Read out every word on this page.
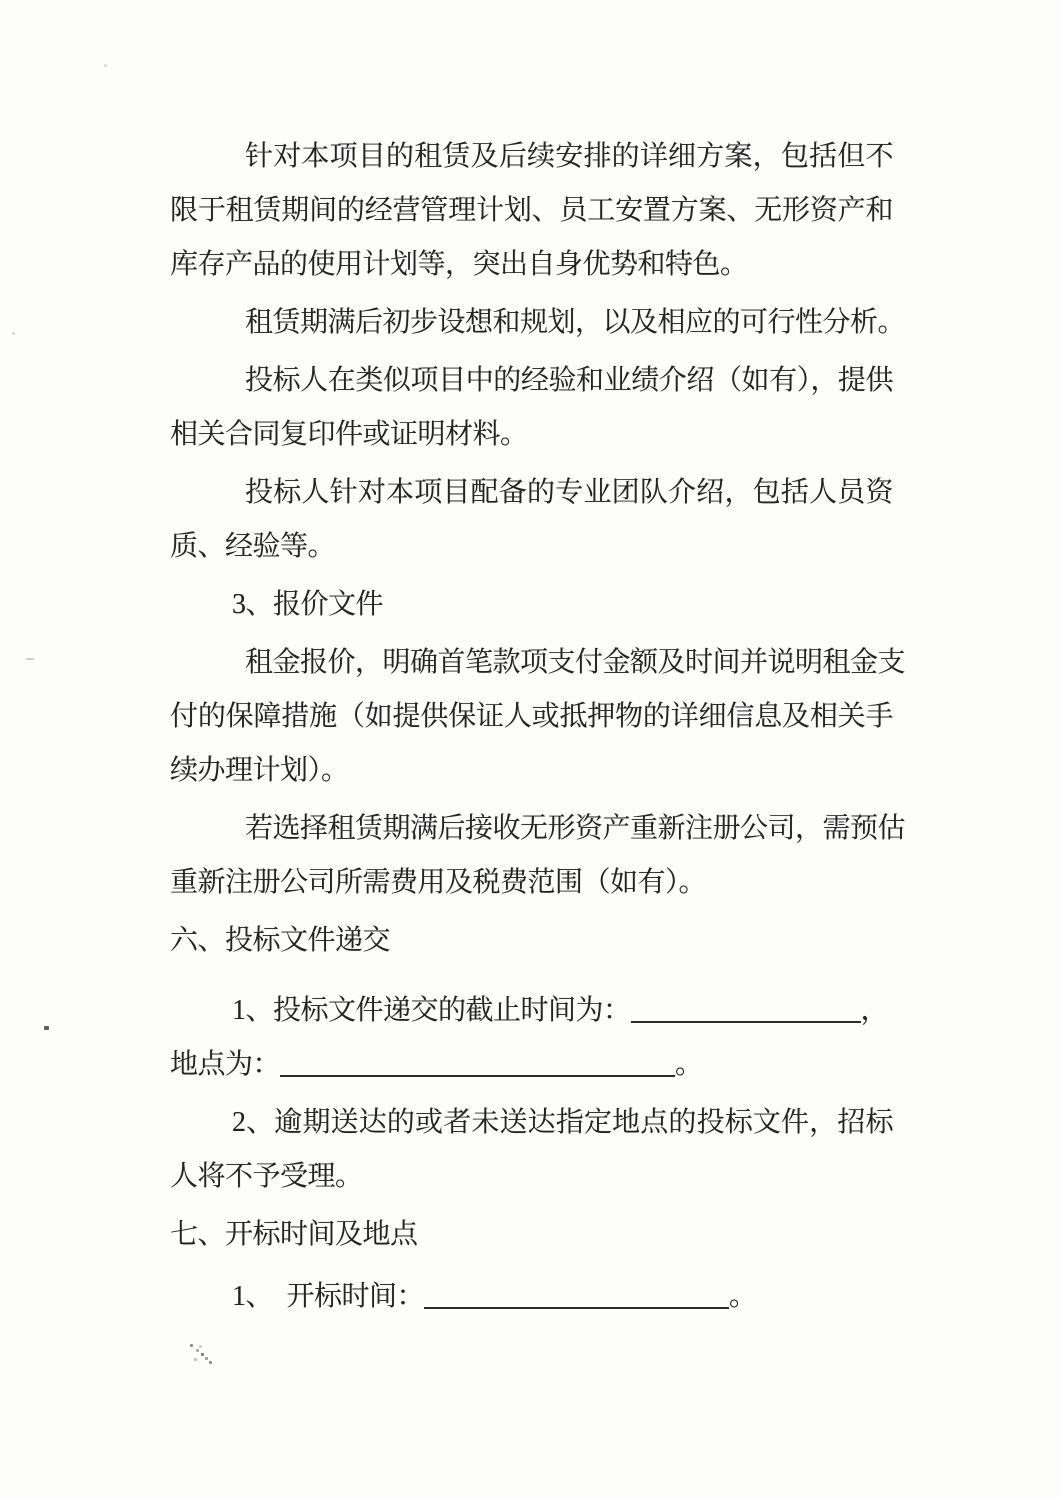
针对本项目的租赁及后续安排的详细方案，包括但不
限于租赁期间的经营管理计划、员工安置方案、无形资产和
库存产品的使用计划等，突出自身优势和特色。
租赁期满后初步设想和规划，以及相应的可行性分析。
投标人在类似项目中的经验和业绩介绍（如有），提供
相关合同复印件或证明材料。
投标人针对本项目配备的专业团队介绍，包括人员资
质、经验等。
3、报价文件
租金报价，明确首笔款项支付金额及时间并说明租金支
付的保障措施（如提供保证人或抵押物的详细信息及相关手
续办理计划）。
若选择租赁期满后接收无形资产重新注册公司，需预估
重新注册公司所需费用及税费范围（如有）。
六、投标文件递交
1、投标文件递交的截止时间为：	，
地点为：	。
2、逾期送达的或者未送达指定地点的投标文件，招标
人将不予受理。
七、开标时间及地点
1、　开标时间：	。
